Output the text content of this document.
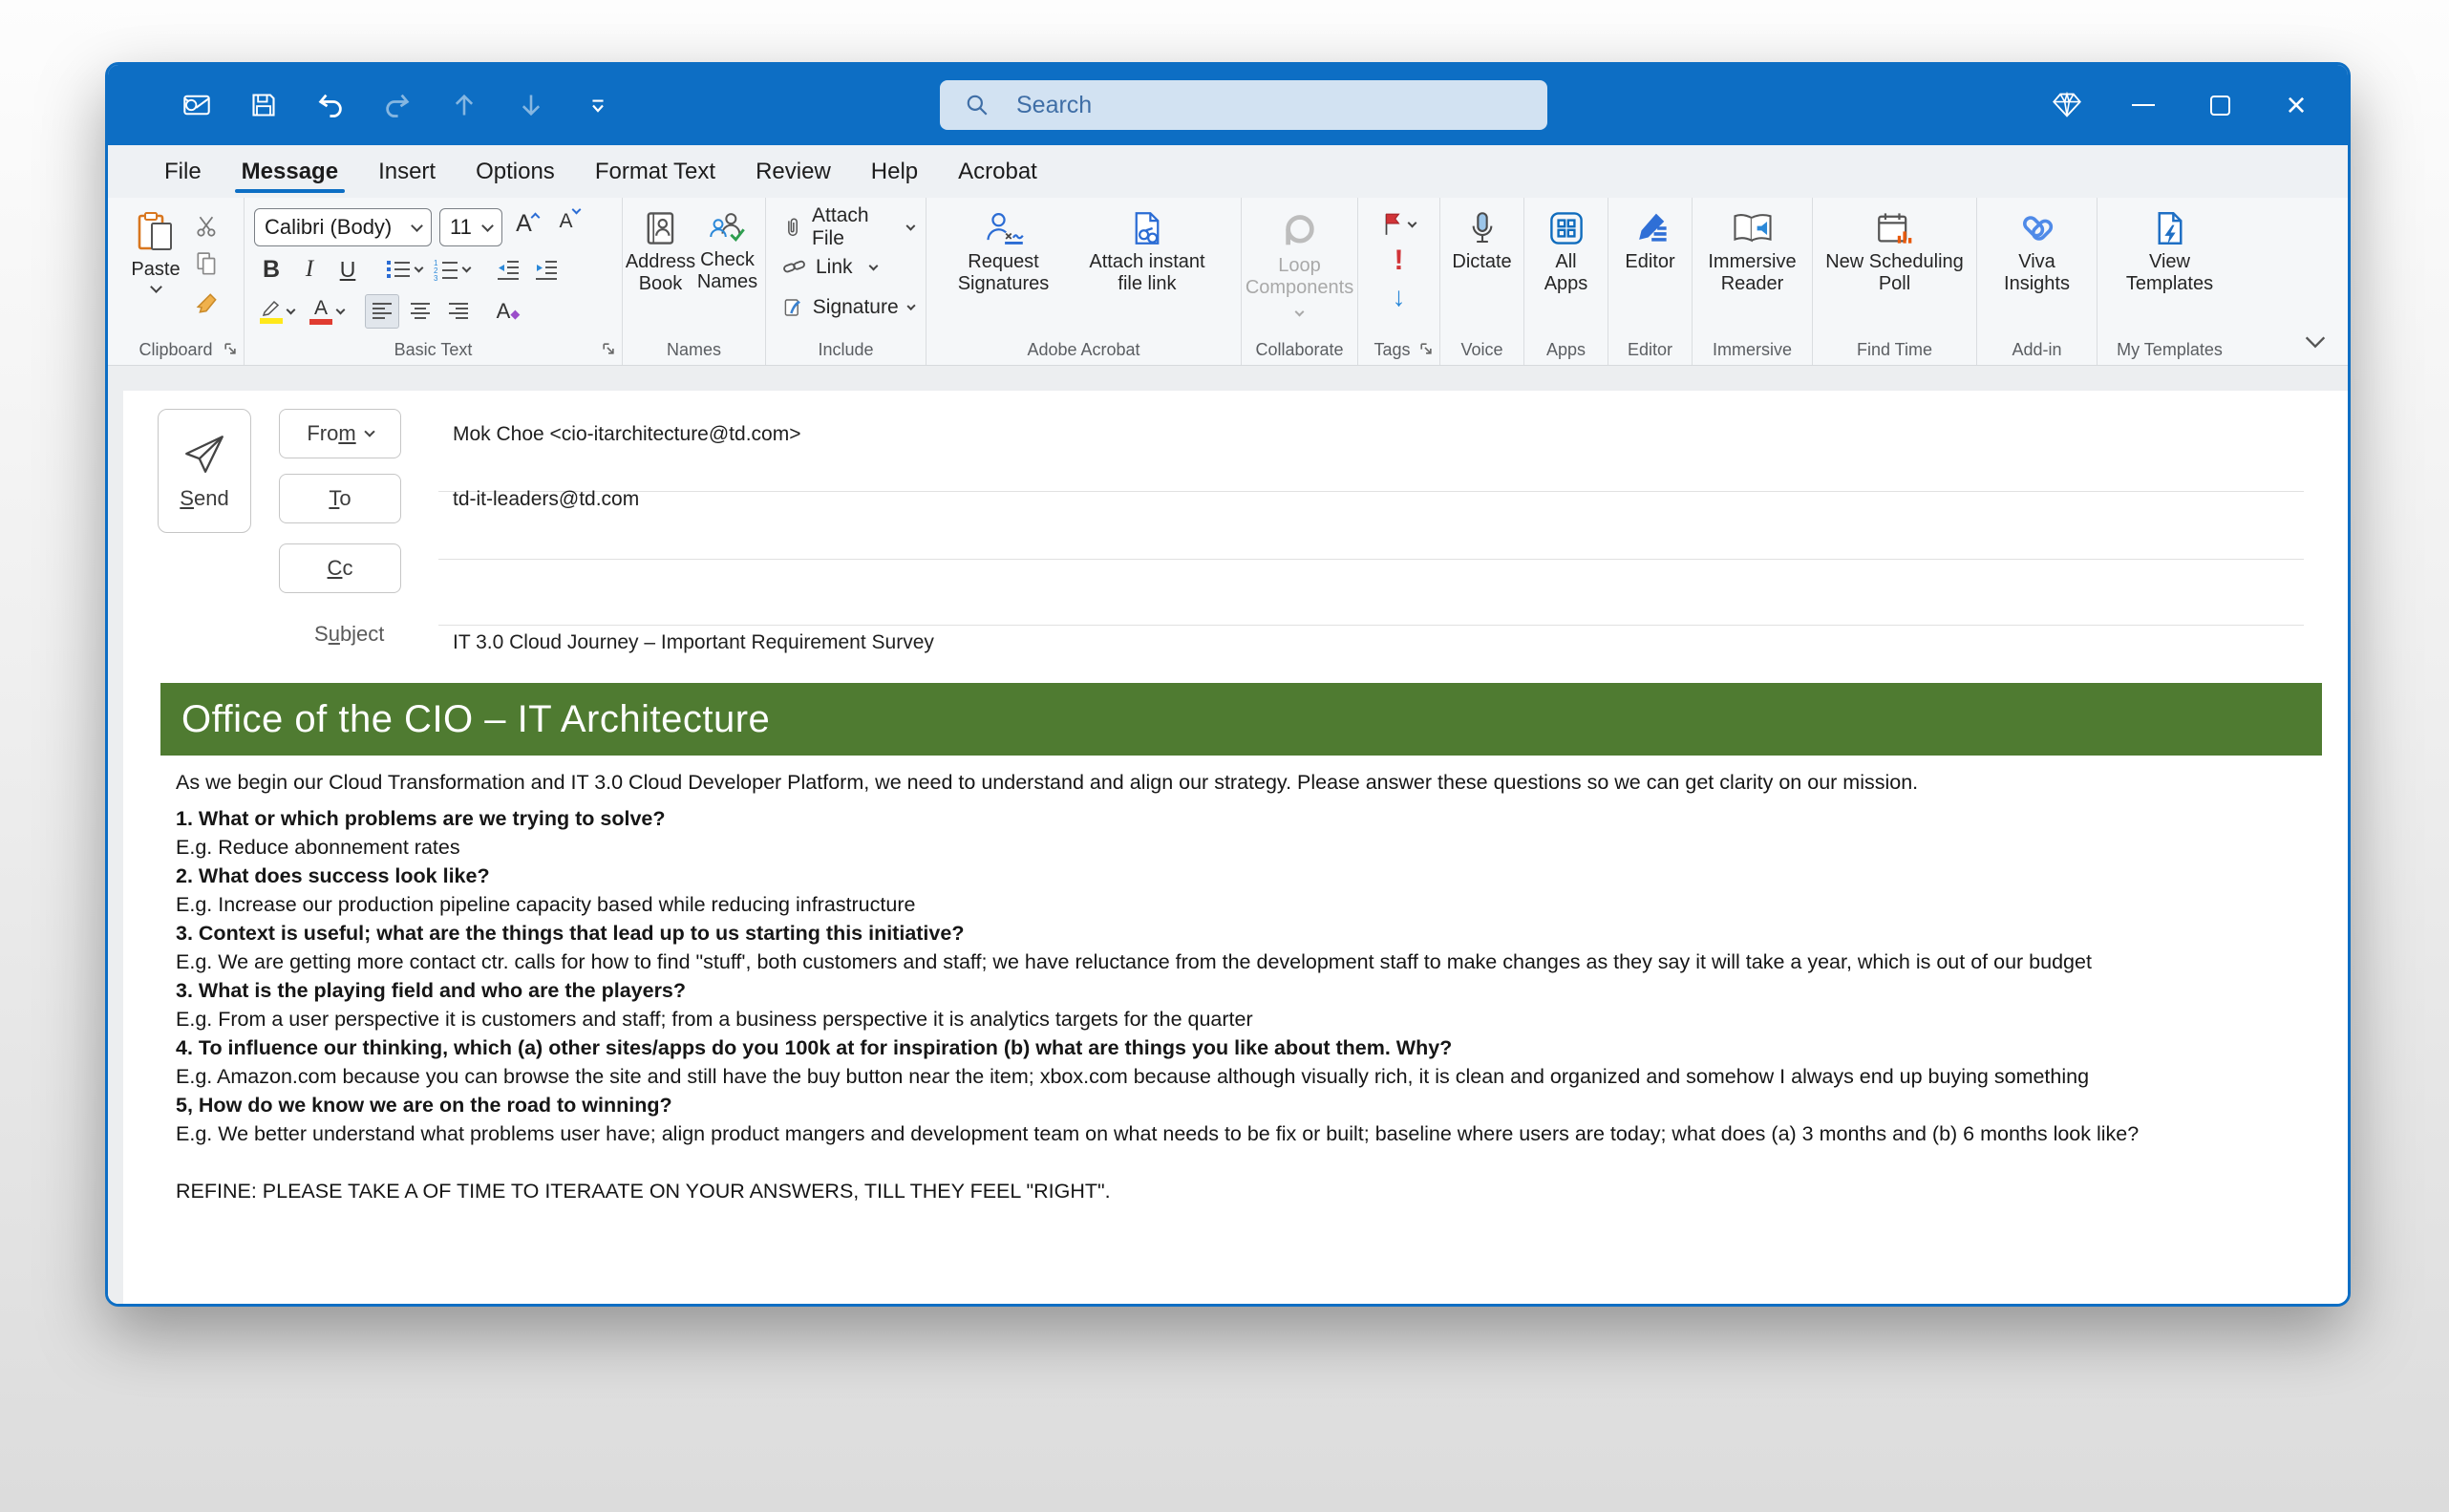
Search
×
File	Message	Insert	Options	Format Text	Review	Help	Acrobat
Paste
Clipboard
Calibri (Body)	11 A A
B I U	1
2
3
A	A ◆
Basic Text
Address Book
Check Names
Names
Attach File
Link
Signature
Include
Request Signatures
Attach instant file link
Adobe Acrobat
Loop Components
Collaborate
!
↓
Tags
Dictate
Voice
All Apps
Apps
Editor
Editor
Immersive Reader
Immersive
New Scheduling Poll
Find Time
Viva Insights
Add-in
View Templates
My Templates
Send
From	Mok Choe <cio-itarchitecture@td.com>
To	td-it-leaders@td.com
Cc
Subject	IT 3.0 Cloud Journey – Important Requirement Survey
Office of the CIO – IT Architecture

As we begin our Cloud Transformation and IT 3.0 Cloud Developer Platform, we need to understand and align our strategy. Please answer these questions so we can get clarity on our mission.

1. What or which problems are we trying to solve?

E.g. Reduce abonnement rates

2. What does success look like?

E.g. Increase our production pipeline capacity based while reducing infrastructure

3. Context is useful; what are the things that lead up to us starting this initiative?

E.g. We are getting more contact ctr. calls for how to find "stuff', both customers and staff; we have reluctance from the development staff to make changes as they say it will take a year, which is out of our budget

3. What is the playing field and who are the players?

E.g. From a user perspective it is customers and staff; from a business perspective it is analytics targets for the quarter

4. To influence our thinking, which (a) other sites/apps do you 100k at for inspiration (b) what are things you like about them. Why?

E.g. Amazon.com because you can browse the site and still have the buy button near the item; xbox.com because although visually rich, it is clean and organized and somehow I always end up buying something

5, How do we know we are on the road to winning?

E.g. We better understand what problems user have; align product mangers and development team on what needs to be fix or built; baseline where users are today; what does (a) 3 months and (b) 6 months look like?

REFINE: PLEASE TAKE A OF TIME TO ITERAATE ON YOUR ANSWERS, TILL THEY FEEL "RIGHT".
